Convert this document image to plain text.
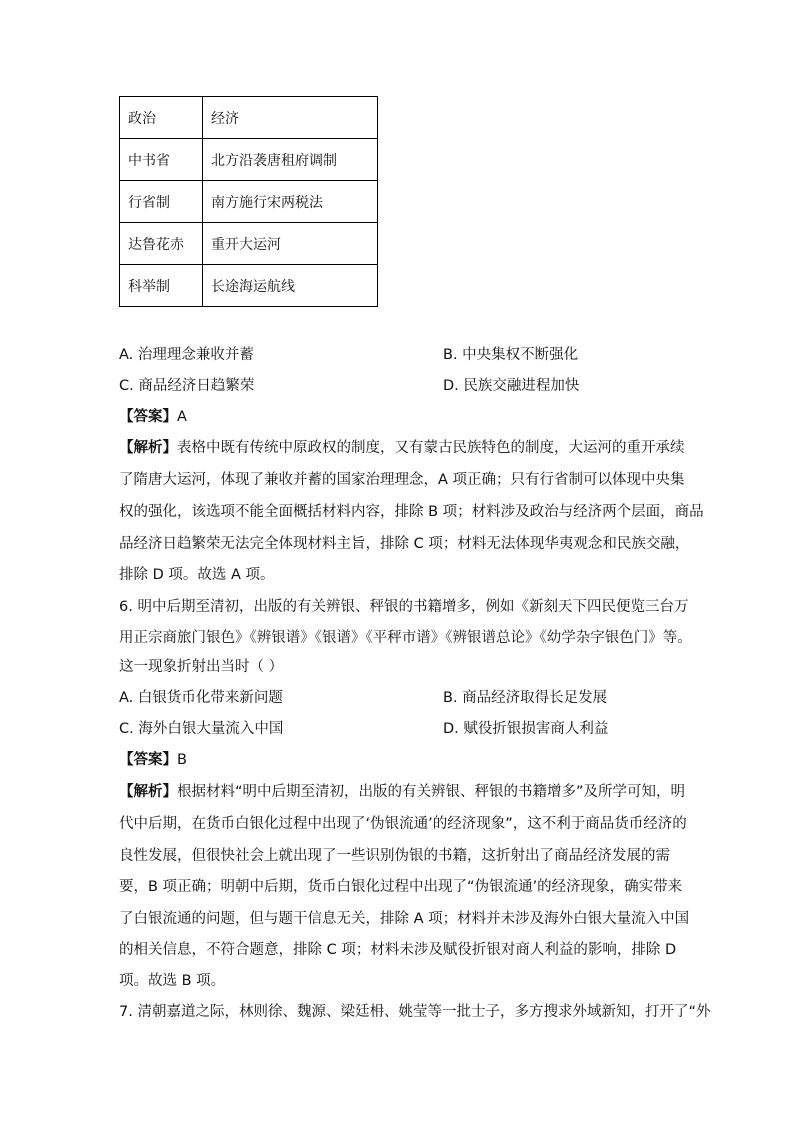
政治	经济
中书省	北方沿袭唐租府调制
行省制	南方施行宋两税法
达鲁花赤	重开大运河
科举制	长途海运航线
A. 治理理念兼收并蓄	B. 中央集权不断强化
C. 商品经济日趋繁荣	D. 民族交融进程加快
【答案】A
【解析】表格中既有传统中原政权的制度，又有蒙古民族特色的制度，大运河的重开承续
了隋唐大运河，体现了兼收并蓄的国家治理理念，A 项正确；只有行省制可以体现中央集
权的强化，该选项不能全面概括材料内容，排除 B 项；材料涉及政治与经济两个层面，商品
品经济日趋繁荣无法完全体现材料主旨，排除 C 项；材料无法体现华夷观念和民族交融，
排除 D 项。故选 A 项。
6. 明中后期至清初，出版的有关辨银、秤银的书籍增多，例如《新刻天下四民便览三台万
用正宗商旅门银色》《辨银谱》《银谱》《平秤市谱》《辨银谱总论》《幼学杂字银色门》等。
这一现象折射出当时（ ）
A. 白银货币化带来新问题	B. 商品经济取得长足发展
C. 海外白银大量流入中国	D. 赋役折银损害商人利益
【答案】B
【解析】根据材料“明中后期至清初，出版的有关辨银、秤银的书籍增多”及所学可知，明
代中后期，在货币白银化过程中出现了‘伪银流通’的经济现象”，这不利于商品货币经济的
良性发展，但很快社会上就出现了一些识别伪银的书籍，这折射出了商品经济发展的需
要，B 项正确；明朝中后期，货币白银化过程中出现了“伪银流通’的经济现象，确实带来
了白银流通的问题，但与题干信息无关，排除 A 项；材料并未涉及海外白银大量流入中国
的相关信息，不符合题意，排除 C 项；材料未涉及赋役折银对商人利益的影响，排除 D
项。故选 B 项。
7. 清朝嘉道之际，林则徐、魏源、梁廷枏、姚莹等一批士子，多方搜求外域新知，打开了“外
